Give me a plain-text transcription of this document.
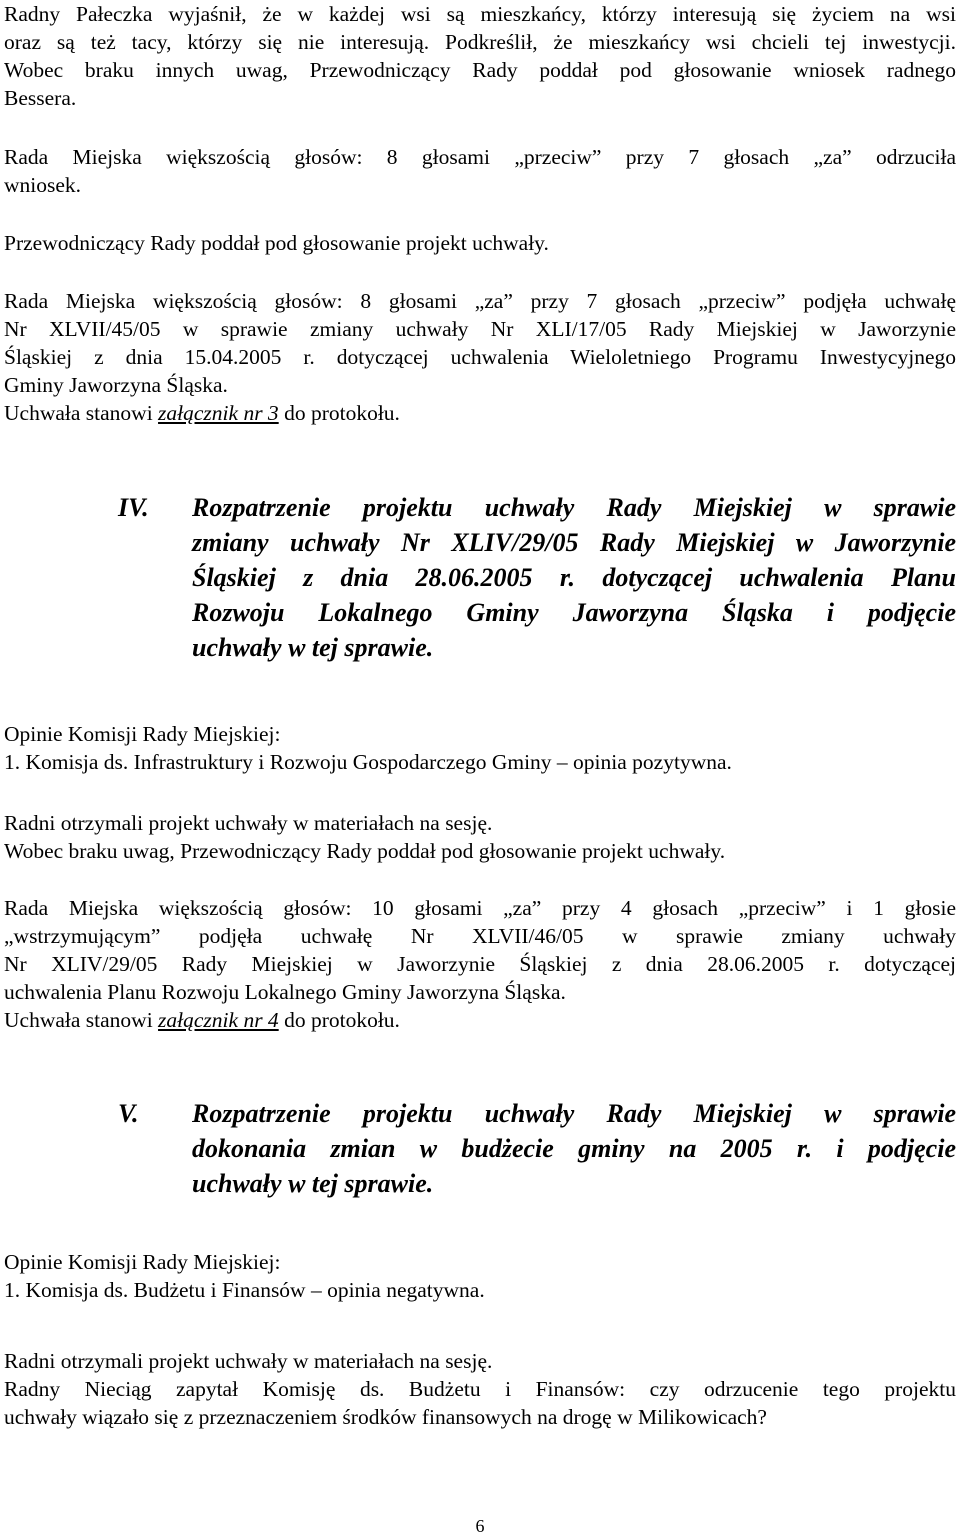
Radny Pałeczka wyjaśnił, że w każdej wsi są mieszkańcy, którzy interesują się życiem na wsi
oraz są też tacy, którzy się nie interesują. Podkreślił, że mieszkańcy wsi chcieli tej inwestycji.
Wobec braku innych uwag, Przewodniczący Rady poddał pod głosowanie wniosek radnego
Bessera.
Rada Miejska większością głosów: 8 głosami „przeciw” przy 7 głosach „za” odrzuciła
wniosek.
Przewodniczący Rady poddał pod głosowanie projekt uchwały.
Rada Miejska większością głosów: 8 głosami „za” przy 7 głosach „przeciw” podjęła uchwałę
Nr XLVII/45/05 w sprawie zmiany uchwały Nr XLI/17/05 Rady Miejskiej w Jaworzynie
Śląskiej z dnia 15.04.2005 r. dotyczącej uchwalenia Wieloletniego Programu Inwestycyjnego
Gminy Jaworzyna Śląska.
Uchwała stanowi załącznik nr 3 do protokołu.
IV. Rozpatrzenie projektu uchwały Rady Miejskiej w sprawie
zmiany uchwały Nr XLIV/29/05 Rady Miejskiej w Jaworzynie
Śląskiej z dnia 28.06.2005 r. dotyczącej uchwalenia Planu
Rozwoju Lokalnego Gminy Jaworzyna Śląska i podjęcie
uchwały w tej sprawie.
Opinie Komisji Rady Miejskiej:
1. Komisja ds. Infrastruktury i Rozwoju Gospodarczego Gminy – opinia pozytywna.
Radni otrzymali projekt uchwały w materiałach na sesję.
Wobec braku uwag, Przewodniczący Rady poddał pod głosowanie projekt uchwały.
Rada Miejska większością głosów: 10 głosami „za” przy 4 głosach „przeciw” i 1 głosie
„wstrzymującym” podjęła uchwałę Nr XLVII/46/05 w sprawie zmiany uchwały
Nr XLIV/29/05 Rady Miejskiej w Jaworzynie Śląskiej z dnia 28.06.2005 r. dotyczącej
uchwalenia Planu Rozwoju Lokalnego Gminy Jaworzyna Śląska.
Uchwała stanowi załącznik nr 4 do protokołu.
V. Rozpatrzenie projektu uchwały Rady Miejskiej w sprawie
dokonania zmian w budżecie gminy na 2005 r. i podjęcie
uchwały w tej sprawie.
Opinie Komisji Rady Miejskiej:
1. Komisja ds. Budżetu i Finansów – opinia negatywna.
Radni otrzymali projekt uchwały w materiałach na sesję.
Radny Nieciąg zapytał Komisję ds. Budżetu i Finansów: czy odrzucenie tego projektu
uchwały wiązało się z przeznaczeniem środków finansowych na drogę w Milikowicach?
6
